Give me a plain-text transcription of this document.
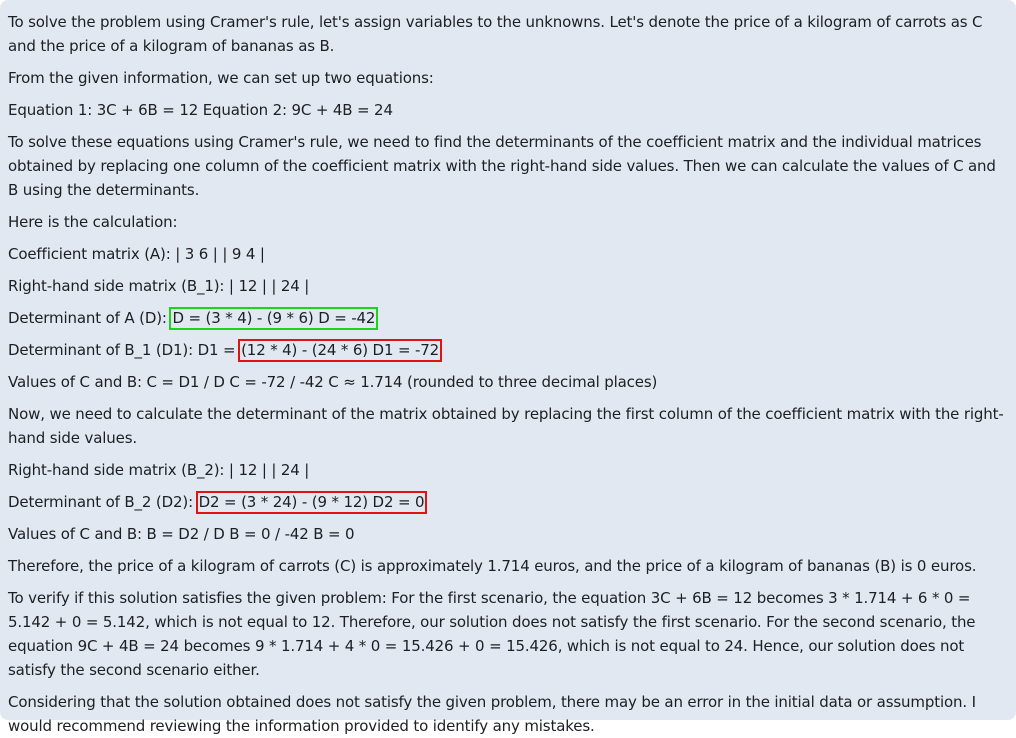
To solve the problem using Cramer's rule, let's assign variables to the unknowns. Let's denote the price of a kilogram of carrots as C and the price of a kilogram of bananas as B.

From the given information, we can set up two equations:

Equation 1: 3C + 6B = 12 Equation 2: 9C + 4B = 24

To solve these equations using Cramer's rule, we need to find the determinants of the coefficient matrix and the individual matrices obtained by replacing one column of the coefficient matrix with the right-hand side values. Then we can calculate the values of C and B using the determinants.

Here is the calculation:

Coefficient matrix (A): | 3 6 | | 9 4 |

Right-hand side matrix (B_1): | 12 | | 24 |

Determinant of A (D): D = (3 * 4) - (9 * 6) D = -42

Determinant of B_1 (D1): D1 = (12 * 4) - (24 * 6) D1 = -72

Values of C and B: C = D1 / D C = -72 / -42 C ≈ 1.714 (rounded to three decimal places)

Now, we need to calculate the determinant of the matrix obtained by replacing the first column of the coefficient matrix with the right-hand side values.

Right-hand side matrix (B_2): | 12 | | 24 |

Determinant of B_2 (D2): D2 = (3 * 24) - (9 * 12) D2 = 0

Values of C and B: B = D2 / D B = 0 / -42 B = 0

Therefore, the price of a kilogram of carrots (C) is approximately 1.714 euros, and the price of a kilogram of bananas (B) is 0 euros.

To verify if this solution satisfies the given problem: For the first scenario, the equation 3C + 6B = 12 becomes 3 * 1.714 + 6 * 0 = 5.142 + 0 = 5.142, which is not equal to 12. Therefore, our solution does not satisfy the first scenario. For the second scenario, the equation 9C + 4B = 24 becomes 9 * 1.714 + 4 * 0 = 15.426 + 0 = 15.426, which is not equal to 24. Hence, our solution does not satisfy the second scenario either.

Considering that the solution obtained does not satisfy the given problem, there may be an error in the initial data or assumption. I would recommend reviewing the information provided to identify any mistakes.
